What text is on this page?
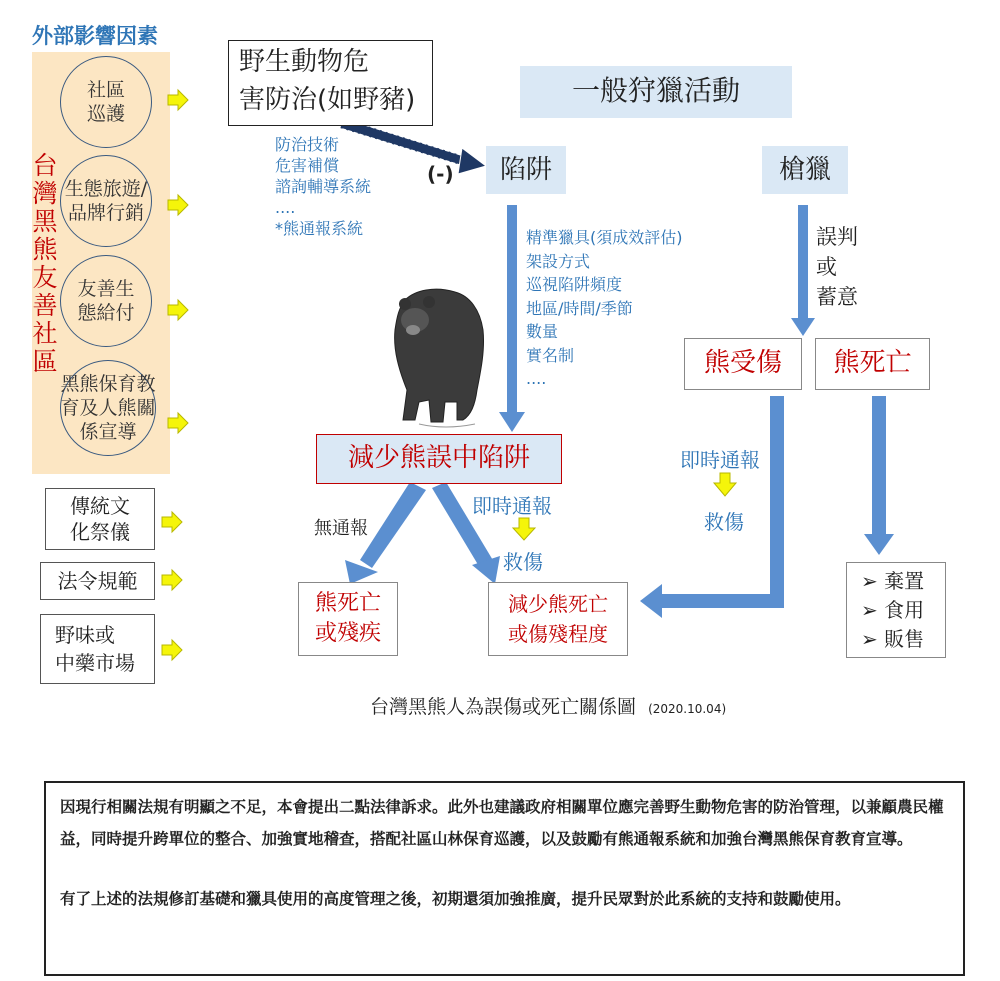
外部影響因素
台灣黑熊友善社區
社區
巡護
生態旅遊/
品牌行銷
友善生
態給付
黑熊保育教
育及人熊關
係宣導
傳統文
化祭儀
法令規範
野味或
中藥市場
野生動物危
害防治(如野豬)
防治技術
危害補償
諮詢輔導系統
....
*熊通報系統
(-)
一般狩獵活動
陷阱	槍獵
精準獵具(須成效評估)
架設方式
巡視陷阱頻度
地區/時間/季節
數量
實名制
....
誤判
或
蓄意
減少熊誤中陷阱
熊受傷	熊死亡
無通報
即時通報
救傷
即時通報
救傷
熊死亡
或殘疾
減少熊死亡
或傷殘程度
➢ 棄置
➢ 食用
➢ 販售
台灣黑熊人為誤傷或死亡關係圖 (2020.10.04)
因現行相關法規有明顯之不足，本會提出二點法律訴求。此外也建議政府相關單位應完善野生動物危害的防治管理，以兼顧農民權益，同時提升跨單位的整合、加強實地稽查，搭配社區山林保育巡護，以及鼓勵有熊通報系統和加強台灣黑熊保育教育宣導。
有了上述的法規修訂基礎和獵具使用的高度管理之後，初期還須加強推廣，提升民眾對於此系統的支持和鼓勵使用。
